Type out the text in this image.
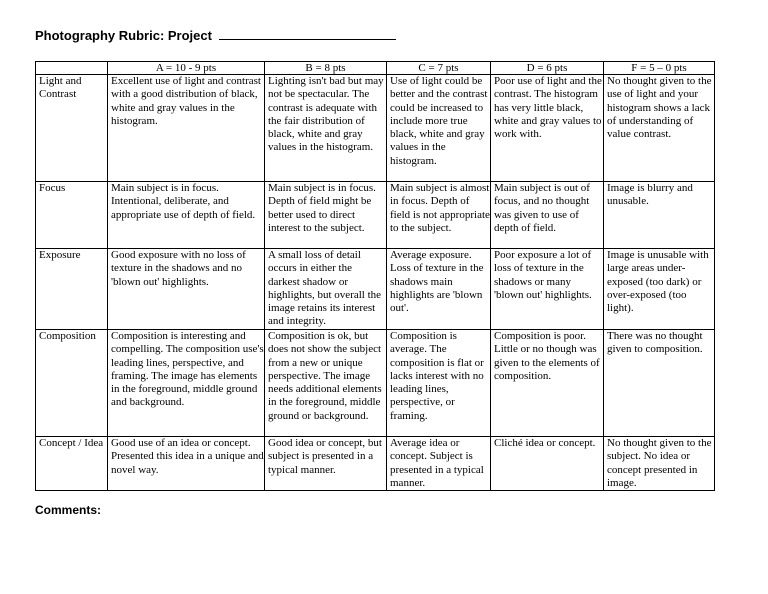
Photography Rubric: Project
	A = 10 - 9 pts	B = 8 pts	C = 7 pts	D = 6 pts	F = 5 – 0 pts
Light and Contrast	Excellent use of light and contrast with a good distribution of black, white and gray values in the histogram.	Lighting isn't bad but may not be spectacular. The contrast is adequate with the fair distribution of black, white and gray values in the histogram.	Use of light could be better and the contrast could be increased to include more true black, white and gray values in the histogram.	Poor use of light and the contrast. The histogram has very little black, white and gray values to work with.	No thought given to the use of light and your histogram shows a lack of understanding of value contrast.
Focus	Main subject is in focus. Intentional, deliberate, and appropriate use of depth of field.	Main subject is in focus. Depth of field might be better used to direct interest to the subject.	Main subject is almost in focus. Depth of field is not appropriate to the subject.	Main subject is out of focus, and no thought was given to use of depth of field.	Image is blurry and unusable.
Exposure	Good exposure with no loss of texture in the shadows and no 'blown out' highlights.	A small loss of detail occurs in either the darkest shadow or highlights, but overall the image retains its interest and integrity.	Average exposure. Loss of texture in the shadows main highlights are 'blown out'.	Poor exposure a lot of loss of texture in the shadows or many 'blown out' highlights.	Image is unusable with large areas under-exposed (too dark) or over-exposed (too light).
Composition	Composition is interesting and compelling. The composition use's leading lines, perspective, and framing. The image has elements in the foreground, middle ground and background.	Composition is ok, but does not show the subject from a new or unique perspective. The image needs additional elements in the foreground, middle ground or background.	Composition is average. The composition is flat or lacks interest with no leading lines, perspective, or framing.	Composition is poor. Little or no though was given to the elements of composition.	There was no thought given to composition.
Concept / Idea	Good use of an idea or concept. Presented this idea in a unique and novel way.	Good idea or concept, but subject is presented in a typical manner.	Average idea or concept. Subject is presented in a typical manner.	Cliché idea or concept.	No thought given to the subject. No idea or concept presented in image.
Comments:
